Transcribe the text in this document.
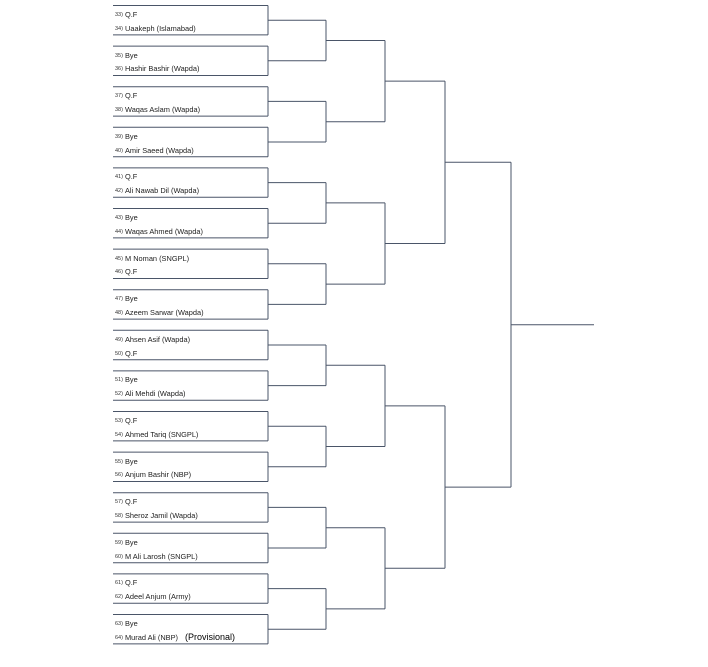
33) Q.F
34) Uaakeph (Islamabad)
35) Bye
36) Hashir Bashir (Wapda)
37) Q.F
38) Waqas Aslam (Wapda)
39) Bye
40) Amir Saeed (Wapda)
41) Q.F
42) Ali Nawab Dil (Wapda)
43) Bye
44) Waqas Ahmed (Wapda)
45) M Noman (SNGPL)
46) Q.F
47) Bye
48) Azeem Sarwar (Wapda)
49) Ahsen Asif (Wapda)
50) Q.F
51) Bye
52) Ali Mehdi (Wapda)
53) Q.F
54) Ahmed Tariq (SNGPL)
55) Bye
56) Anjum Bashir (NBP)
57) Q.F
58) Sheroz Jamil (Wapda)
59) Bye
60) M Ali Larosh (SNGPL)
61) Q.F
62) Adeel Anjum (Army)
63) Bye
64) Murad Ali (NBP) (Provisional)
